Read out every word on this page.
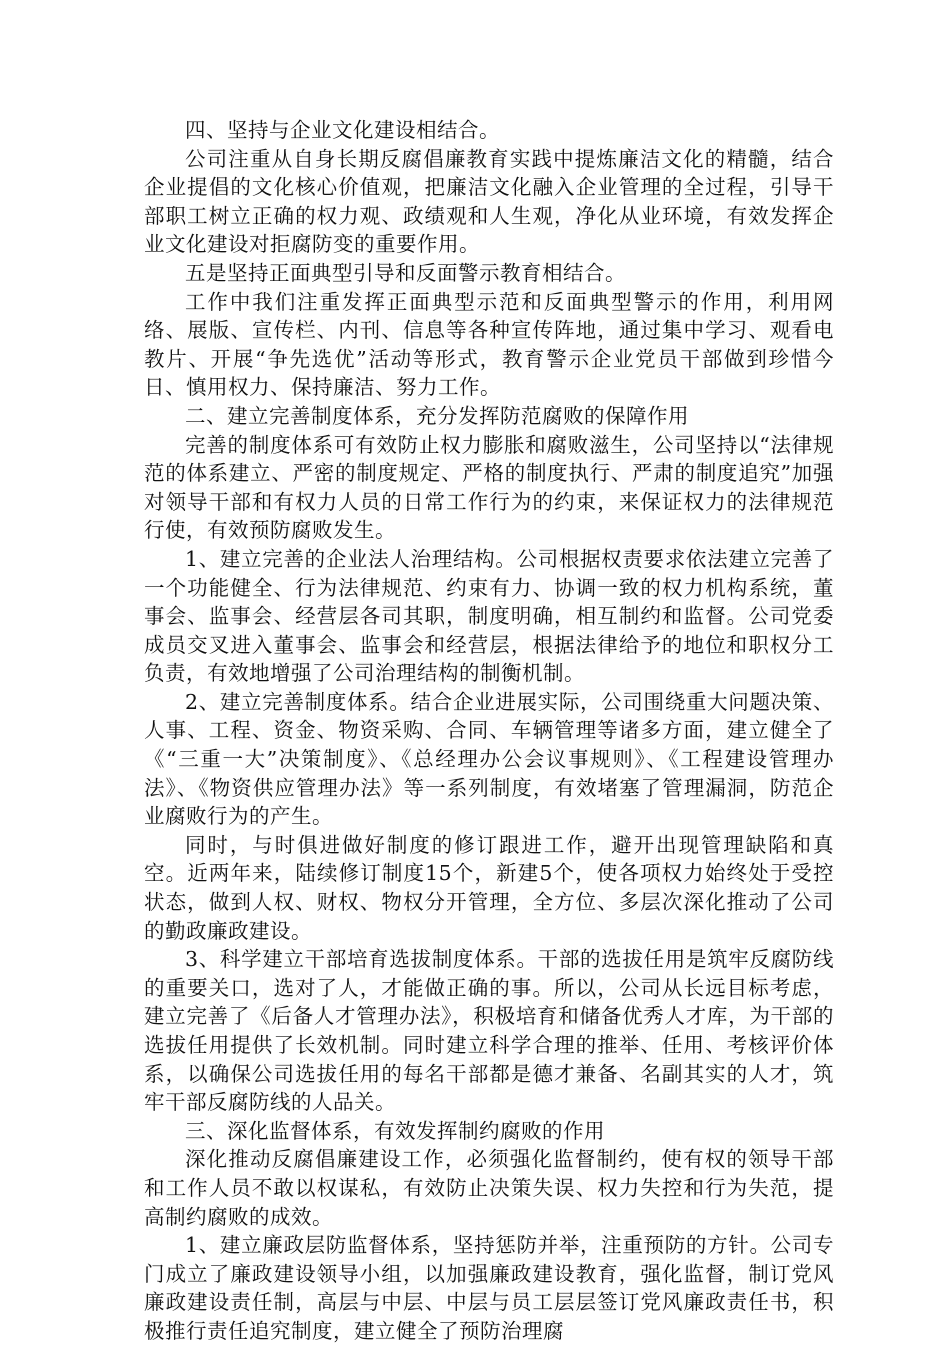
四、坚持与企业文化建设相结合。

公司注重从自身长期反腐倡廉教育实践中提炼廉洁文化的精髓，结合企业提倡的文化核心价值观，把廉洁文化融入企业管理的全过程，引导干部职工树立正确的权力观、政绩观和人生观，净化从业环境，有效发挥企业文化建设对拒腐防变的重要作用。

五是坚持正面典型引导和反面警示教育相结合。

工作中我们注重发挥正面典型示范和反面典型警示的作用，利用网络、展版、宣传栏、内刊、信息等各种宣传阵地，通过集中学习、观看电教片、开展“争先选优”活动等形式，教育警示企业党员干部做到珍惜今日、慎用权力、保持廉洁、努力工作。

二、建立完善制度体系，充分发挥防范腐败的保障作用

完善的制度体系可有效防止权力膨胀和腐败滋生，公司坚持以“法律规范的体系建立、严密的制度规定、严格的制度执行、严肃的制度追究”加强对领导干部和有权力人员的日常工作行为的约束，来保证权力的法律规范行使，有效预防腐败发生。

1、建立完善的企业法人治理结构。公司根据权责要求依法建立完善了一个功能健全、行为法律规范、约束有力、协调一致的权力机构系统，董事会、监事会、经营层各司其职，制度明确，相互制约和监督。公司党委成员交叉进入董事会、监事会和经营层，根据法律给予的地位和职权分工负责，有效地增强了公司治理结构的制衡机制。

2、建立完善制度体系。结合企业进展实际，公司围绕重大问题决策、人事、工程、资金、物资采购、合同、车辆管理等诸多方面，建立健全了《“三重一大”决策制度》、《总经理办公会议事规则》、《工程建设管理办法》、《物资供应管理办法》等一系列制度，有效堵塞了管理漏洞，防范企业腐败行为的产生。

同时，与时俱进做好制度的修订跟进工作，避开出现管理缺陷和真空。近两年来，陆续修订制度15个，新建5个，使各项权力始终处于受控状态，做到人权、财权、物权分开管理，全方位、多层次深化推动了公司的勤政廉政建设。

3、科学建立干部培育选拔制度体系。干部的选拔任用是筑牢反腐防线的重要关口，选对了人，才能做正确的事。所以，公司从长远目标考虑，建立完善了《后备人才管理办法》，积极培育和储备优秀人才库，为干部的选拔任用提供了长效机制。同时建立科学合理的推举、任用、考核评价体系，以确保公司选拔任用的每名干部都是德才兼备、名副其实的人才，筑牢干部反腐防线的人品关。

三、深化监督体系，有效发挥制约腐败的作用

深化推动反腐倡廉建设工作，必须强化监督制约，使有权的领导干部和工作人员不敢以权谋私，有效防止决策失误、权力失控和行为失范，提高制约腐败的成效。

1、建立廉政层防监督体系，坚持惩防并举，注重预防的方针。公司专门成立了廉政建设领导小组，以加强廉政建设教育，强化监督，制订党风廉政建设责任制，高层与中层、中层与员工层层签订党风廉政责任书，积极推行责任追究制度，建立健全了预防治理腐
